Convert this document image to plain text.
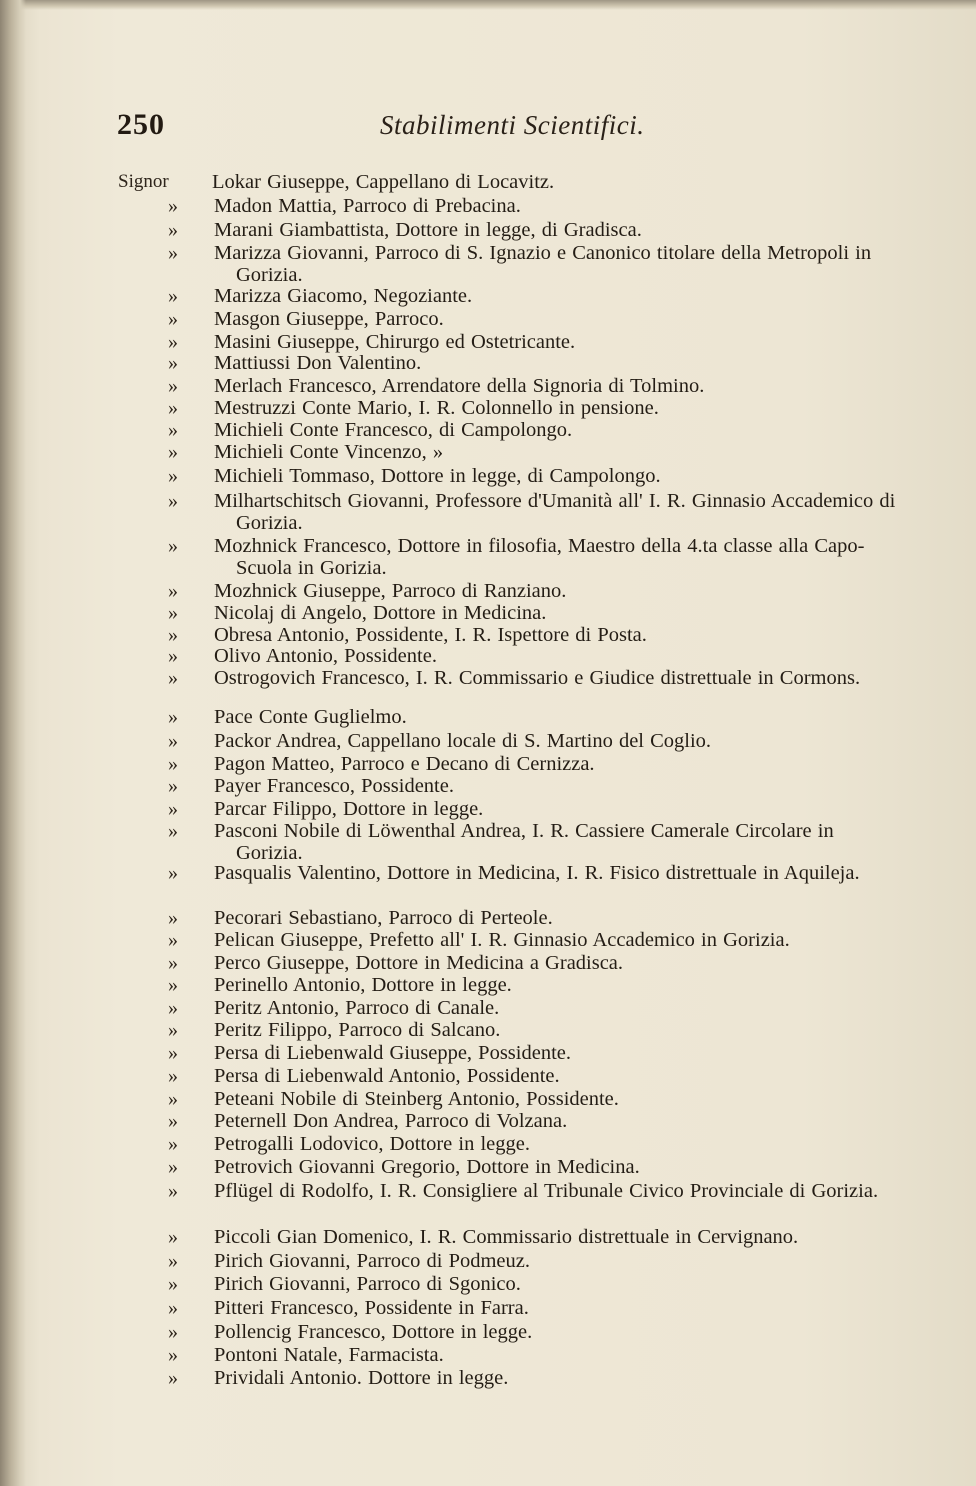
250	Stabilimenti Scientifici.
Signor Lokar Giuseppe, Cappellano di Locavitz.
» Madon Mattia, Parroco di Prebacina.
» Marani Giambattista, Dottore in legge, di Gradisca.
» Marizza Giovanni, Parroco di S. Ignazio e Canonico titolare della Metropoli in Gorizia.
» Marizza Giacomo, Negoziante.
» Masgon Giuseppe, Parroco.
» Masini Giuseppe, Chirurgo ed Ostetricante.
» Mattiussi Don Valentino.
» Merlach Francesco, Arrendatore della Signoria di Tolmino.
» Mestruzzi Conte Mario, I. R. Colonnello in pensione.
» Michieli Conte Francesco, di Campolongo.
» Michieli Conte Vincenzo, »
» Michieli Tommaso, Dottore in legge, di Campolongo.
» Milhartschitsch Giovanni, Professore d'Umanità all' I. R. Ginnasio Accademico di Gorizia.
» Mozhnick Francesco, Dottore in filosofia, Maestro della 4.ta classe alla Capo-Scuola in Gorizia.
» Mozhnick Giuseppe, Parroco di Ranziano.
» Nicolaj di Angelo, Dottore in Medicina.
» Obresa Antonio, Possidente, I. R. Ispettore di Posta.
» Olivo Antonio, Possidente.
» Ostrogovich Francesco, I. R. Commissario e Giudice distrettuale in Cormons.
» Pace Conte Guglielmo.
» Packor Andrea, Cappellano locale di S. Martino del Coglio.
» Pagon Matteo, Parroco e Decano di Cernizza.
» Payer Francesco, Possidente.
» Parcar Filippo, Dottore in legge.
» Pasconi Nobile di Löwenthal Andrea, I. R. Cassiere Camerale Circolare in Gorizia.
» Pasqualis Valentino, Dottore in Medicina, I. R. Fisico distrettuale in Aquileja.
» Pecorari Sebastiano, Parroco di Perteole.
» Pelican Giuseppe, Prefetto all' I. R. Ginnasio Accademico in Gorizia.
» Perco Giuseppe, Dottore in Medicina a Gradisca.
» Perinello Antonio, Dottore in legge.
» Peritz Antonio, Parroco di Canale.
» Peritz Filippo, Parroco di Salcano.
» Persa di Liebenwald Giuseppe, Possidente.
» Persa di Liebenwald Antonio, Possidente.
» Peteani Nobile di Steinberg Antonio, Possidente.
» Peternell Don Andrea, Parroco di Volzana.
» Petrogalli Lodovico, Dottore in legge.
» Petrovich Giovanni Gregorio, Dottore in Medicina.
» Pflügel di Rodolfo, I. R. Consigliere al Tribunale Civico Provinciale di Gorizia.
» Piccoli Gian Domenico, I. R. Commissario distrettuale in Cervignano.
» Pirich Giovanni, Parroco di Podmeuz.
» Pirich Giovanni, Parroco di Sgonico.
» Pitteri Francesco, Possidente in Farra.
» Pollencig Francesco, Dottore in legge.
» Pontoni Natale, Farmacista.
» Prividali Antonio. Dottore in legge.
